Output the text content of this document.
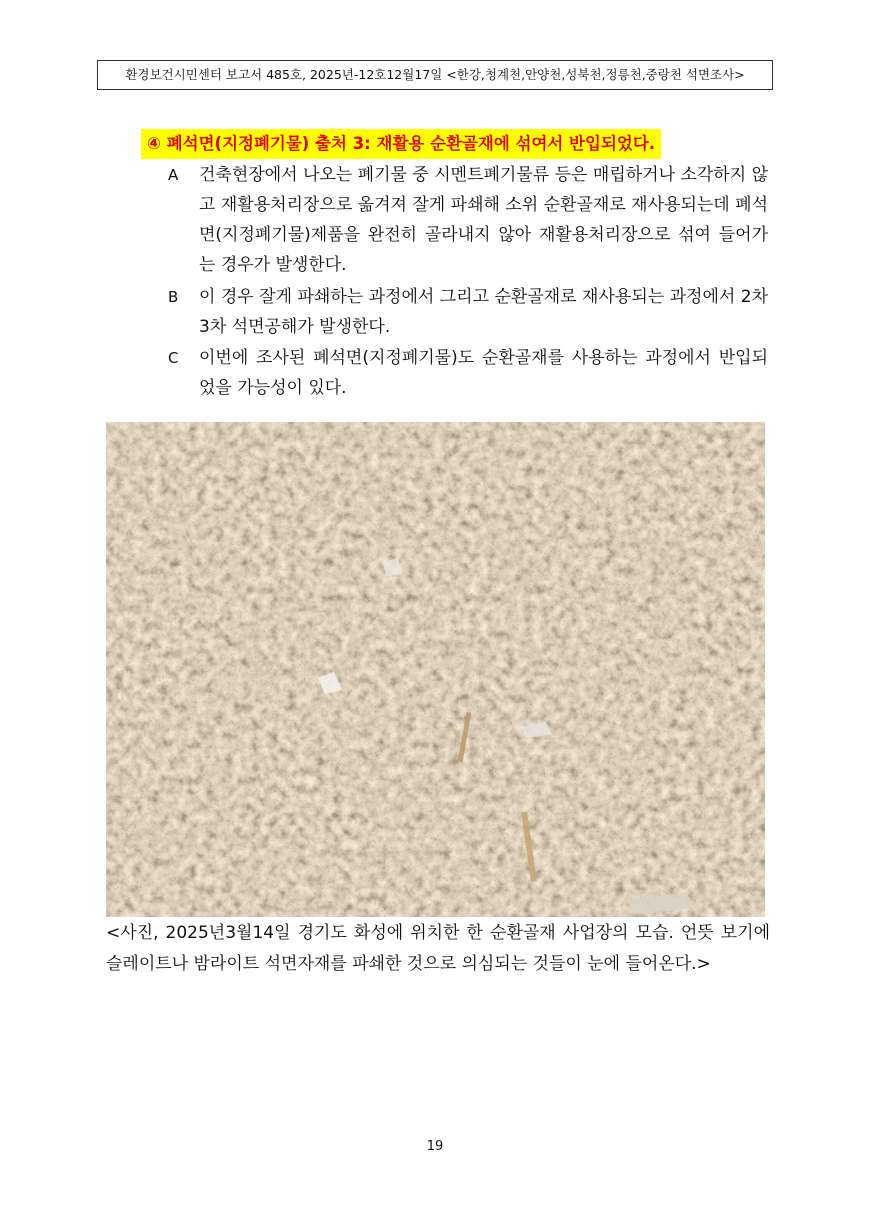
환경보건시민센터 보고서 485호, 2025년-12호12월17일 <한강,청계천,안양천,성북천,정릉천,중랑천 석면조사>
④ 폐석면(지정폐기물) 출처 3: 재활용 순환골재에 섞여서 반입되었다.
A	건축현장에서 나오는 폐기물 중 시멘트폐기물류 등은 매립하거나 소각하지 않고 재활용처리장으로 옮겨져 잘게 파쇄해 소위 순환골재로 재사용되는데 폐석면(지정폐기물)제품을 완전히 골라내지 않아 재활용처리장으로 섞여 들어가는 경우가 발생한다.
B	이 경우 잘게 파쇄하는 과정에서 그리고 순환골재로 재사용되는 과정에서 2차 3차 석면공해가 발생한다.
C	이번에 조사된 폐석면(지정폐기물)도 순환골재를 사용하는 과정에서 반입되었을 가능성이 있다.
<사진, 2025년3월14일 경기도 화성에 위치한 한 순환골재 사업장의 모습. 언뜻 보기에 슬레이트나 밤라이트 석면자재를 파쇄한 것으로 의심되는 것들이 눈에 들어온다.>
19
